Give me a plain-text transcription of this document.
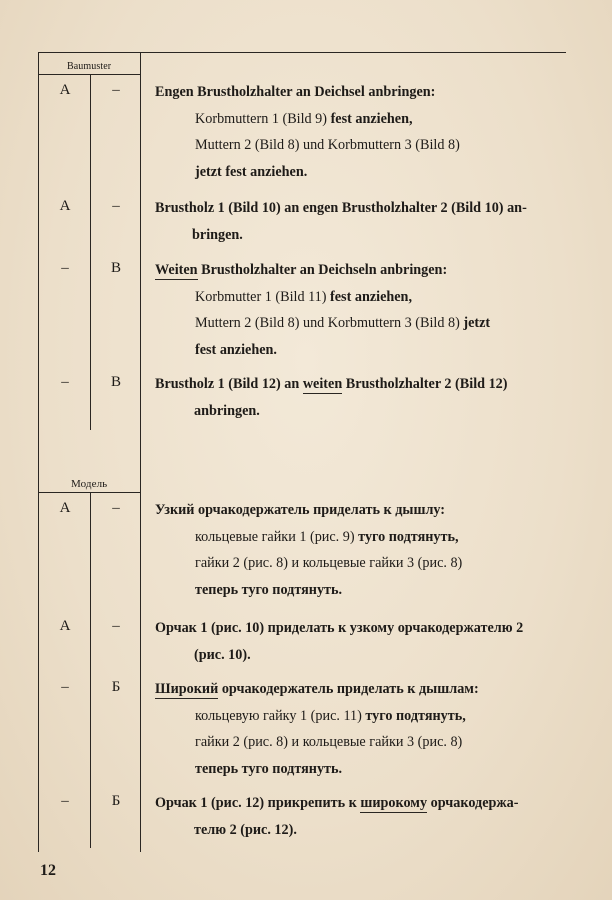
Baumuster
Модель
A	–	Engen Brustholzhalter an Deichsel anbringen:
Korbmuttern 1 (Bild 9) fest anziehen,
Muttern 2 (Bild 8) und Korbmuttern 3 (Bild 8)
jetzt fest anziehen.
A	–	Brustholz 1 (Bild 10) an engen Brustholzhalter 2 (Bild 10) an-
bringen.
–	B	Weiten Brustholzhalter an Deichseln anbringen:
Korbmutter 1 (Bild 11) fest anziehen,
Muttern 2 (Bild 8) und Korbmuttern 3 (Bild 8) jetzt
fest anziehen.
–	B	Brustholz 1 (Bild 12) an weiten Brustholzhalter 2 (Bild 12)
anbringen.
А	–	Узкий орчакодержатель приделать к дышлу:
кольцевые гайки 1 (рис. 9) туго подтянуть,
гайки 2 (рис. 8) и кольцевые гайки 3 (рис. 8)
теперь туго подтянуть.
А	–	Орчак 1 (рис. 10) приделать к узкому орчакодержателю 2
(рис. 10).
–	Б	Широкий орчакодержатель приделать к дышлам:
кольцевую гайку 1 (рис. 11) туго подтянуть,
гайки 2 (рис. 8) и кольцевые гайки 3 (рис. 8)
теперь туго подтянуть.
–	Б	Орчак 1 (рис. 12) прикрепить к широкому орчакодержа-
телю 2 (рис. 12).
12
